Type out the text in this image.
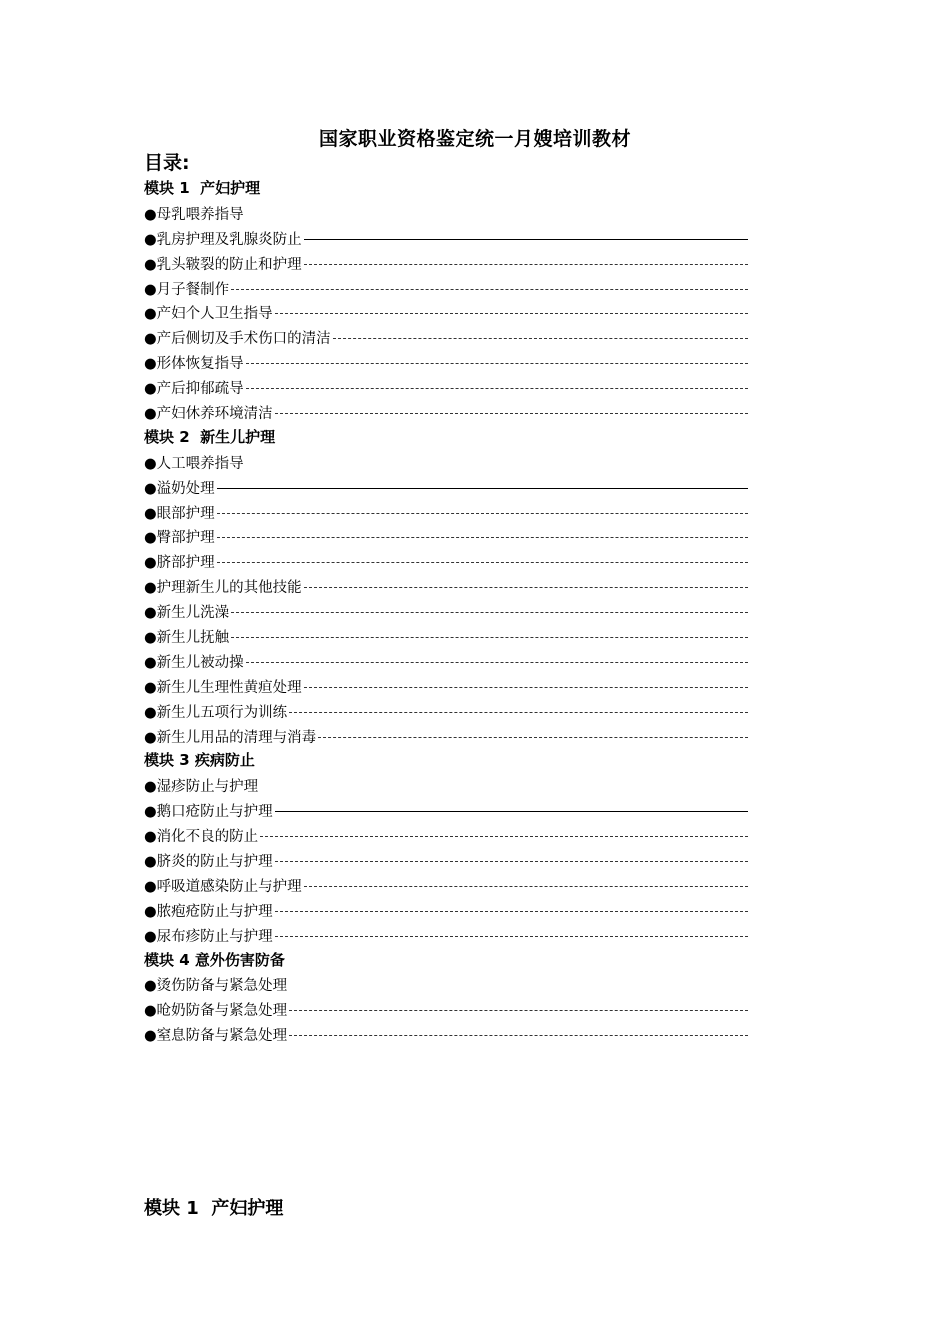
国家职业资格鉴定统一月嫂培训教材
目录:
模块 1  产妇护理
●母乳喂养指导
●乳房护理及乳腺炎防止
●乳头皲裂的防止和护理
●月子餐制作
●产妇个人卫生指导
●产后侧切及手术伤口的清洁
●形体恢复指导
●产后抑郁疏导
●产妇休养环境清洁
模块 2  新生儿护理
●人工喂养指导
●溢奶处理
●眼部护理
●臀部护理
●脐部护理
●护理新生儿的其他技能
●新生儿洗澡
●新生儿抚触
●新生儿被动操
●新生儿生理性黄疸处理
●新生儿五项行为训练
●新生儿用品的清理与消毒
模块 3 疾病防止
●湿疹防止与护理
●鹅口疮防止与护理
●消化不良的防止
●脐炎的防止与护理
●呼吸道感染防止与护理
●脓疱疮防止与护理
●尿布疹防止与护理
模块 4 意外伤害防备
●烫伤防备与紧急处理
●呛奶防备与紧急处理
●窒息防备与紧急处理
模块 1  产妇护理
